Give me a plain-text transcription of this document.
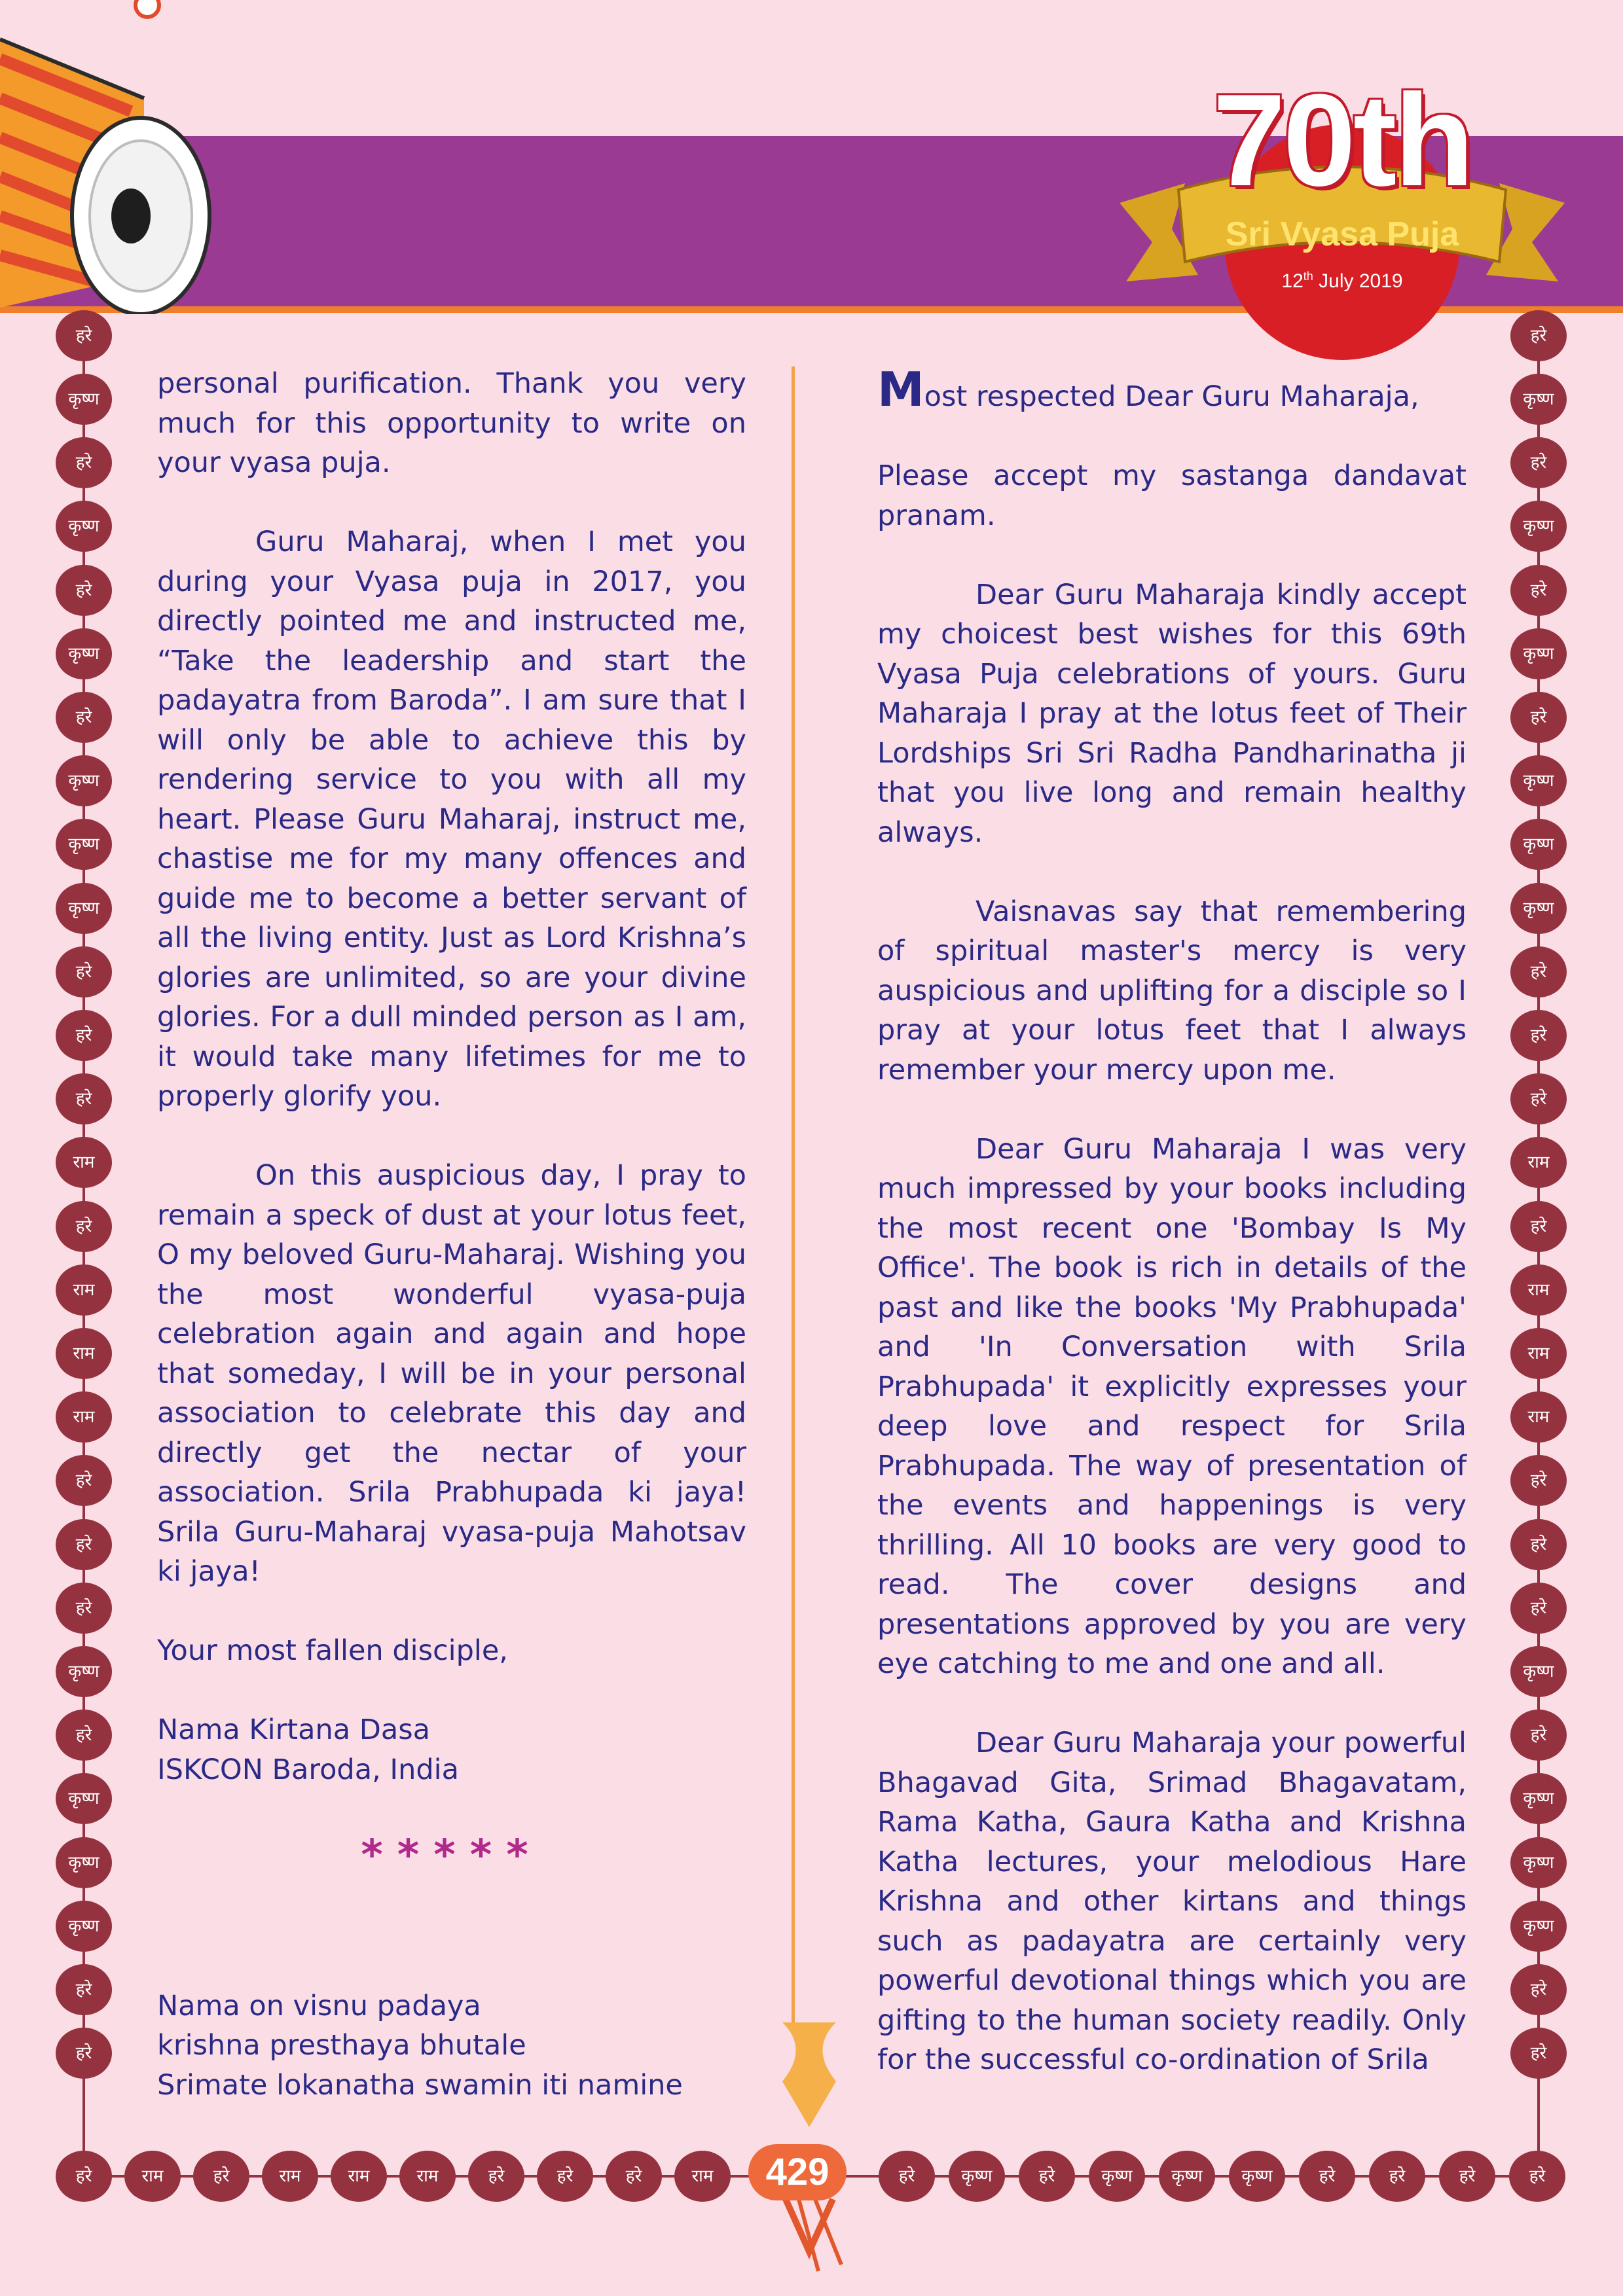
70th
Sri Vyasa Puja
12th July 2019
हरे
कृष्ण
हरे
कृष्ण
हरे
कृष्ण
हरे
कृष्ण
कृष्ण
कृष्ण
हरे
हरे
हरे
राम
हरे
राम
राम
राम
हरे
हरे
हरे
कृष्ण
हरे
कृष्ण
कृष्ण
कृष्ण
हरे
हरे
हरे
कृष्ण
हरे
कृष्ण
हरे
कृष्ण
हरे
कृष्ण
कृष्ण
कृष्ण
हरे
हरे
हरे
राम
हरे
राम
राम
राम
हरे
हरे
हरे
कृष्ण
हरे
कृष्ण
कृष्ण
कृष्ण
हरे
हरे
हरे	राम	हरे	राम	राम	राम	हरे	हरे	हरे	राम	हरे	कृष्ण	हरे	कृष्ण	कृष्ण	कृष्ण	हरे	हरे	हरे	हरे

personal purification. Thank you very much for this opportunity to write on your vyasa puja.

Guru Maharaj, when I met you during your Vyasa puja in 2017, you directly pointed me and instructed me, “Take the leadership and start the padayatra from Baroda”. I am sure that I will only be able to achieve this by rendering service to you with all my heart. Please Guru Maharaj, instruct me, chastise me for my many offences and guide me to become a better servant of all the living entity. Just as Lord Krishna’s glories are unlimited, so are your divine glories. For a dull minded person as I am, it would take many lifetimes for me to properly glorify you.

On this auspicious day, I pray to remain a speck of dust at your lotus feet, O my beloved Guru-Maharaj. Wishing you the most wonderful vyasa-puja celebration again and again and hope that someday, I will be in your personal association to celebrate this day and directly get the nectar of your association. Srila Prabhupada ki jaya! Srila Guru-Maharaj vyasa-puja Mahotsav ki jaya!

Your most fallen disciple,

Nama Kirtana Dasa

ISKCON Baroda, India

*****

Nama on visnu padaya

krishna presthaya bhutale

Srimate lokanatha swamin iti namine

Most respected Dear Guru Maharaja,

Please accept my sastanga dandavat pranam.

Dear Guru Maharaja kindly accept my choicest best wishes for this 69th Vyasa Puja celebrations of yours. Guru Maharaja I pray at the lotus feet of Their Lordships Sri Sri Radha Pandharinatha ji that you live long and remain healthy always.

Vaisnavas say that remembering of spiritual master's mercy is very auspicious and uplifting for a disciple so I pray at your lotus feet that I always remember your mercy upon me.

Dear Guru Maharaja I was very much impressed by your books including the most recent one 'Bombay Is My Office'. The book is rich in details of the past and like the books 'My Prabhupada' and 'In Conversation with Srila Prabhupada' it explicitly expresses your deep love and respect for Srila Prabhupada. The way of presentation of the events and happenings is very thrilling. All 10 books are very good to read. The cover designs and presentations approved by you are very eye catching to me and one and all.

Dear Guru Maharaja your powerful Bhagavad Gita, Srimad Bhagavatam, Rama Katha, Gaura Katha and Krishna Katha lectures, your melodious Hare Krishna and other kirtans and things such as padayatra are certainly very powerful devotional things which you are gifting to the human society readily. Only for the successful co-ordination of Srila

429
